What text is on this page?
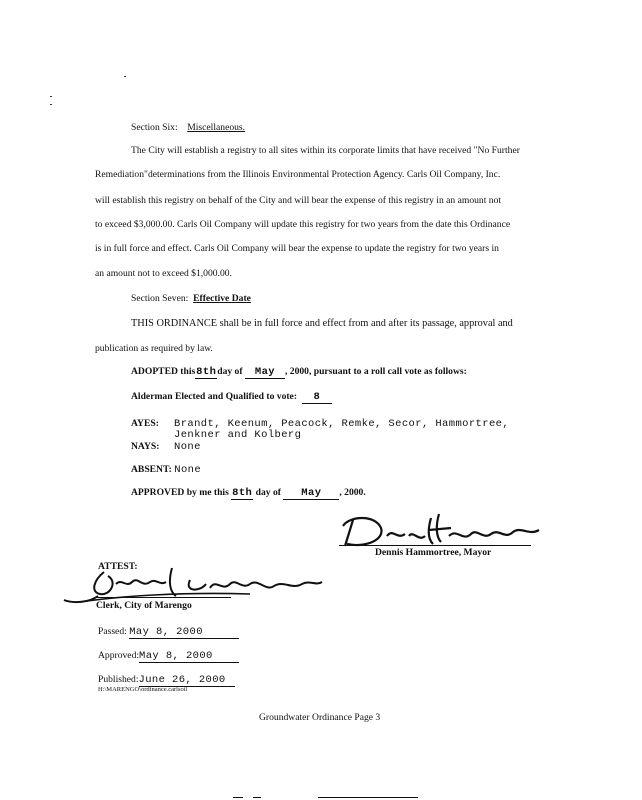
Section Six: Miscellaneous.
The City will establish a registry to all sites within its corporate limits that have received "No Further
Remediation"determinations from the Illinois Environmental Protection Agency. Carls Oil Company, Inc.
will establish this registry on behalf of the City and will bear the expense of this registry in an amount not
to exceed $3,000.00. Carls Oil Company will update this registry for two years from the date this Ordinance
is in full force and effect. Carls Oil Company will bear the expense to update the registry for two years in
an amount not to exceed $1,000.00.
Section Seven: Effective Date
THIS ORDINANCE shall be in full force and effect from and after its passage, approval and
publication as required by law.
ADOPTED this8thday of May , 2000, pursuant to a roll call vote as follows:
Alderman Elected and Qualified to vote: 8
AYES: Brandt, Keenum, Peacock, Remke, Secor, Hammortree,
Jenkner and Kolberg
NAYS: None
ABSENT: None
APPROVED by me this 8th day of May , 2000.
Dennis Hammortree, Mayor
ATTEST:
Clerk, City of Marengo
Passed: May 8, 2000
Approved:May 8, 2000
Published:June 26, 2000
H:\MARENGO\ordinance.carlsoil
Groundwater Ordinance Page 3
